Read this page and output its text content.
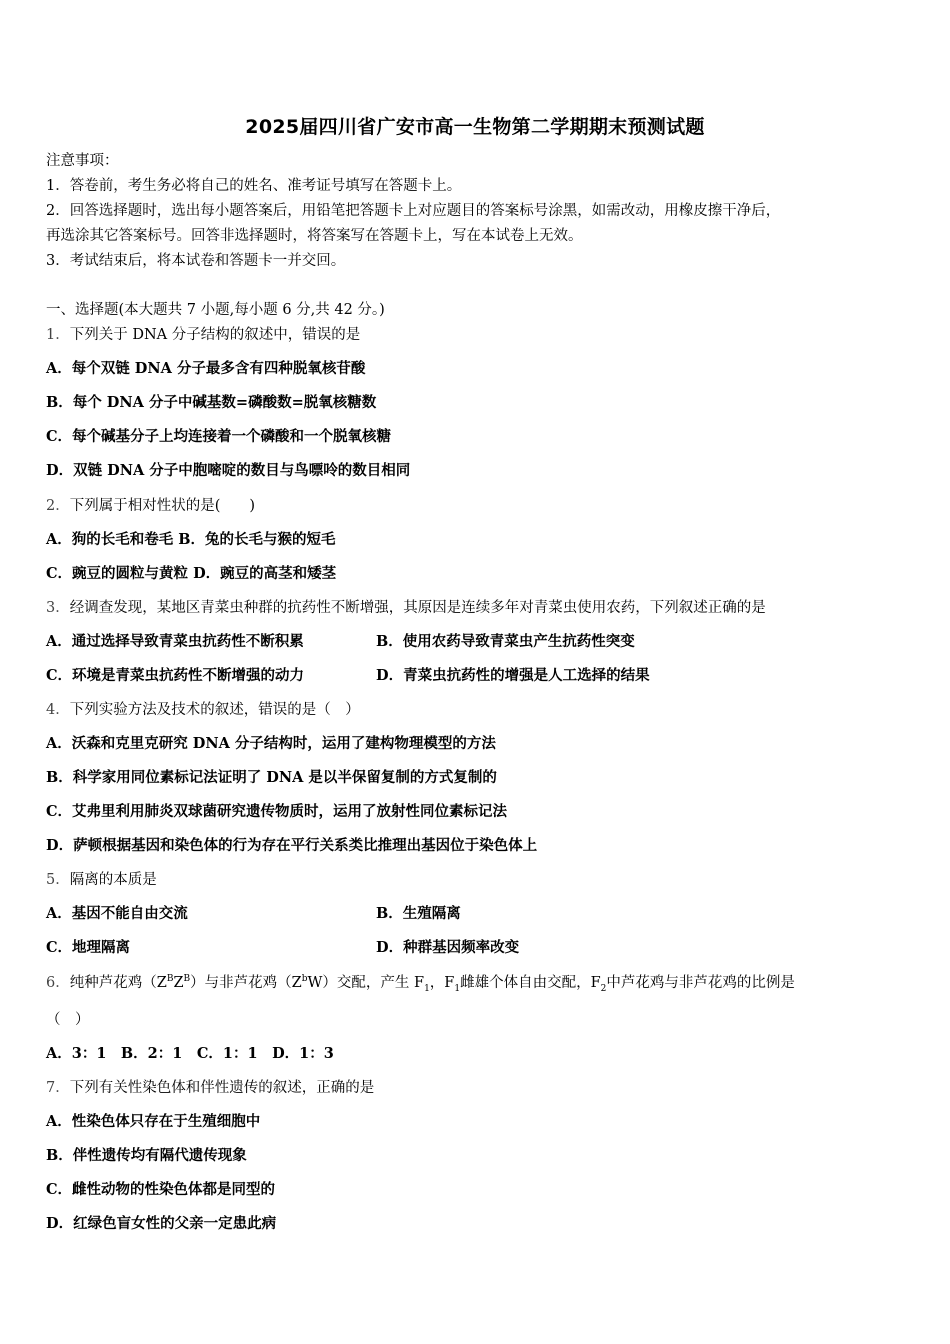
2025届四川省广安市高一生物第二学期期末预测试题
注意事项：
1．答卷前，考生务必将自己的姓名、准考证号填写在答题卡上。
2．回答选择题时，选出每小题答案后，用铅笔把答题卡上对应题目的答案标号涂黑，如需改动，用橡皮擦干净后，
再选涂其它答案标号。回答非选择题时，将答案写在答题卡上，写在本试卷上无效。
3．考试结束后，将本试卷和答题卡一并交回。
一、选择题(本大题共 7 小题,每小题 6 分,共 42 分。)
1．下列关于 DNA 分子结构的叙述中，错误的是
A．每个双链 DNA 分子最多含有四种脱氧核苷酸
B．每个 DNA 分子中碱基数=磷酸数=脱氧核糖数
C．每个碱基分子上均连接着一个磷酸和一个脱氧核糖
D．双链 DNA 分子中胞嘧啶的数目与鸟嘌呤的数目相同
2．下列属于相对性状的是(　　)
A．狗的长毛和卷毛 B．兔的长毛与猴的短毛
C．豌豆的圆粒与黄粒 D．豌豆的高茎和矮茎
3．经调查发现，某地区青菜虫种群的抗药性不断增强，其原因是连续多年对青菜虫使用农药，下列叙述正确的是
A．通过选择导致青菜虫抗药性不断积累	B．使用农药导致青菜虫产生抗药性突变
C．环境是青菜虫抗药性不断增强的动力	D．青菜虫抗药性的增强是人工选择的结果
4．下列实验方法及技术的叙述，错误的是（　）
A．沃森和克里克研究 DNA 分子结构时，运用了建构物理模型的方法
B．科学家用同位素标记法证明了 DNA 是以半保留复制的方式复制的
C．艾弗里利用肺炎双球菌研究遗传物质时，运用了放射性同位素标记法
D．萨顿根据基因和染色体的行为存在平行关系类比推理出基因位于染色体上
5．隔离的本质是
A．基因不能自由交流	B．生殖隔离
C．地理隔离	D．种群基因频率改变
6．纯种芦花鸡$(Z^BZ^B)$与非芦花鸡$(Z^bW)$交配，产生 $F_1$，$F_1$雌雄个体自由交配，$F_2$中芦花鸡与非芦花鸡的比例是
（　）
A．3：1　B．2：1　C．1：1　D．1：3
7．下列有关性染色体和伴性遗传的叙述，正确的是
A．性染色体只存在于生殖细胞中
B．伴性遗传均有隔代遗传现象
C．雌性动物的性染色体都是同型的
D．红绿色盲女性的父亲一定患此病
